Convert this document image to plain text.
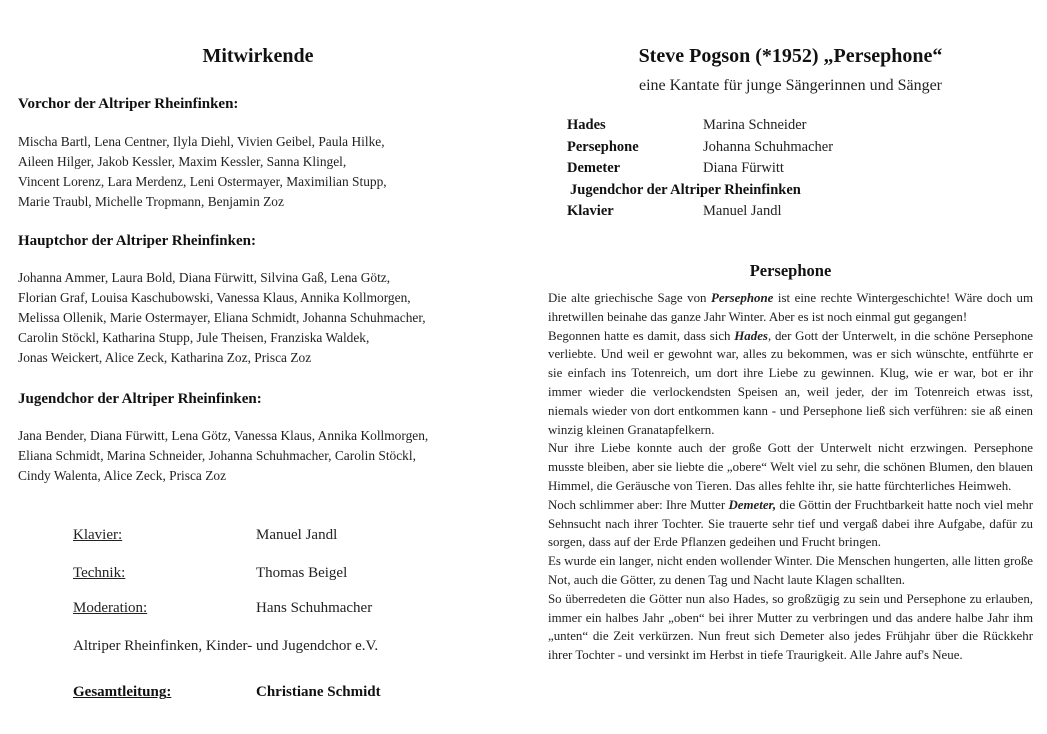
Mitwirkende
Vorchor der Altriper Rheinfinken:
Mischa Bartl, Lena Centner, Ilyla Diehl, Vivien Geibel, Paula Hilke,
Aileen Hilger, Jakob Kessler, Maxim Kessler, Sanna Klingel,
Vincent Lorenz, Lara Merdenz, Leni Ostermayer, Maximilian Stupp,
Marie Traubl, Michelle Tropmann, Benjamin Zoz
Hauptchor der Altriper Rheinfinken:
Johanna Ammer, Laura Bold, Diana Fürwitt, Silvina Gaß, Lena Götz,
Florian Graf, Louisa Kaschubowski, Vanessa Klaus, Annika Kollmorgen,
Melissa Ollenik, Marie Ostermayer, Eliana Schmidt, Johanna Schuhmacher,
Carolin Stöckl, Katharina Stupp, Jule Theisen, Franziska Waldek,
Jonas Weickert, Alice Zeck, Katharina Zoz, Prisca Zoz
Jugendchor der Altriper Rheinfinken:
Jana Bender, Diana Fürwitt, Lena Götz, Vanessa Klaus, Annika Kollmorgen,
Eliana Schmidt, Marina Schneider, Johanna Schuhmacher, Carolin Stöckl,
Cindy Walenta, Alice Zeck, Prisca Zoz
Klavier:	Manuel Jandl
Technik:	Thomas Beigel
Moderation:	Hans Schuhmacher
Altriper Rheinfinken, Kinder- und Jugendchor e.V.
Gesamtleitung:	Christiane Schmidt
Steve Pogson (*1952) „Persephone“
eine Kantate für junge Sängerinnen und Sänger
Hades	Marina Schneider
Persephone	Johanna Schuhmacher
Demeter	Diana Fürwitt
Jugendchor der Altriper Rheinfinken
Klavier	Manuel Jandl
Persephone

Die alte griechische Sage von Persephone ist eine rechte Wintergeschichte! Wäre doch um ihretwillen beinahe das ganze Jahr Winter. Aber es ist noch einmal gut gegangen!

Begonnen hatte es damit, dass sich Hades, der Gott der Unterwelt, in die schöne Persephone verliebte. Und weil er gewohnt war, alles zu bekommen, was er sich wünschte, entführte er sie einfach ins Totenreich, um dort ihre Liebe zu gewinnen. Klug, wie er war, bot er ihr immer wieder die verlockendsten Speisen an, weil jeder, der im Totenreich etwas isst, niemals wieder von dort entkommen kann - und Persephone ließ sich verführen: sie aß einen winzig kleinen Granatapfelkern.

Nur ihre Liebe konnte auch der große Gott der Unterwelt nicht erzwingen. Persephone musste bleiben, aber sie liebte die „obere“ Welt viel zu sehr, die schönen Blumen, den blauen Himmel, die Geräusche von Tieren. Das alles fehlte ihr, sie hatte fürchterliches Heimweh.

Noch schlimmer aber: Ihre Mutter Demeter, die Göttin der Fruchtbarkeit hatte noch viel mehr Sehnsucht nach ihrer Tochter. Sie trauerte sehr tief und vergaß dabei ihre Aufgabe, dafür zu sorgen, dass auf der Erde Pflanzen gedeihen und Frucht bringen.

Es wurde ein langer, nicht enden wollender Winter. Die Menschen hungerten, alle litten große Not, auch die Götter, zu denen Tag und Nacht laute Klagen schallten.

So überredeten die Götter nun also Hades, so großzügig zu sein und Persephone zu erlauben, immer ein halbes Jahr „oben“ bei ihrer Mutter zu verbringen und das andere halbe Jahr ihm „unten“ die Zeit verkürzen. Nun freut sich Demeter also jedes Frühjahr über die Rückkehr ihrer Tochter - und versinkt im Herbst in tiefe Traurigkeit. Alle Jahre auf's Neue.
